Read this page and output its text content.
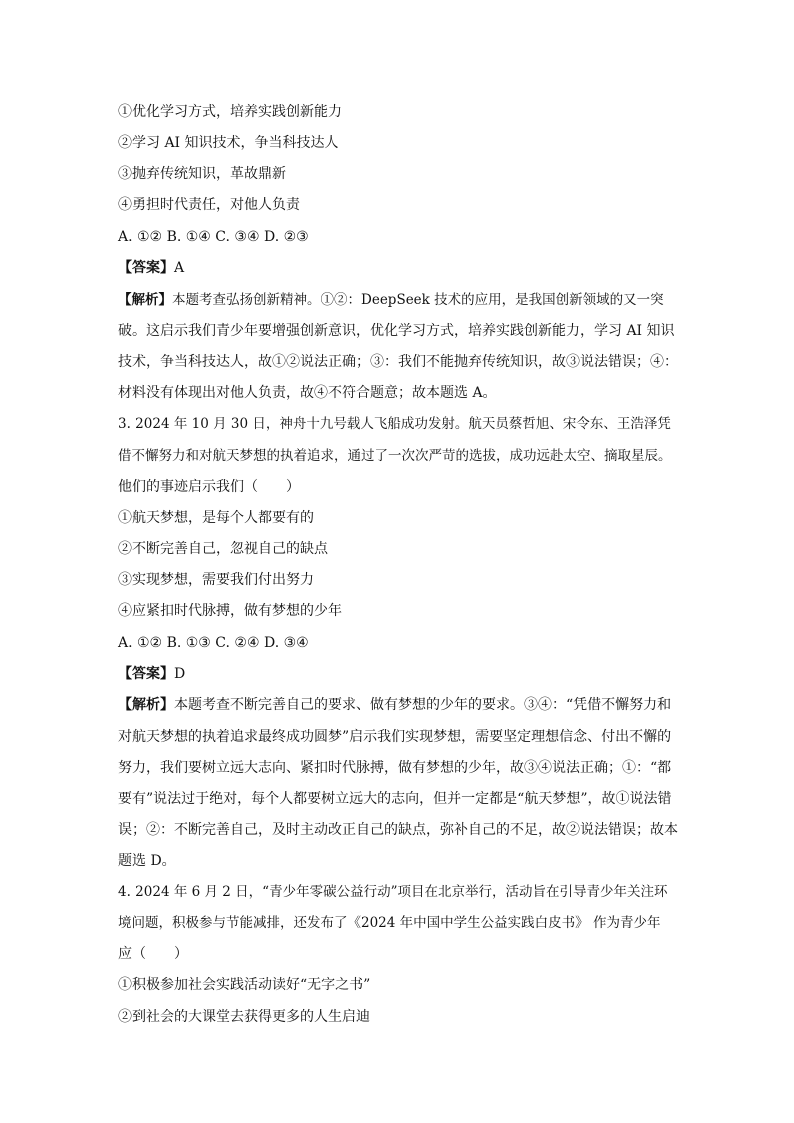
①优化学习方式，培养实践创新能力
②学习 AI 知识技术，争当科技达人
③抛弃传统知识，革故鼎新
④勇担时代责任，对他人负责
A. ①② B. ①④ C. ③④ D. ②③
【答案】A
【解析】本题考查弘扬创新精神。①②：DeepSeek 技术的应用，是我国创新领域的又一突
破。这启示我们青少年要增强创新意识，优化学习方式，培养实践创新能力，学习 AI 知识
技术，争当科技达人，故①②说法正确；③：我们不能抛弃传统知识，故③说法错误；④：
材料没有体现出对他人负责，故④不符合题意；故本题选 A。
3. 2024 年 10 月 30 日，神舟十九号载人飞船成功发射。航天员蔡哲旭、宋令东、王浩泽凭
借不懈努力和对航天梦想的执着追求，通过了一次次严苛的选拔，成功远赴太空、摘取星辰。
他们的事迹启示我们（　　）
①航天梦想，是每个人都要有的
②不断完善自己，忽视自己的缺点
③实现梦想，需要我们付出努力
④应紧扣时代脉搏，做有梦想的少年
A. ①② B. ①③ C. ②④ D. ③④
【答案】D
【解析】本题考查不断完善自己的要求、做有梦想的少年的要求。③④：“凭借不懈努力和
对航天梦想的执着追求最终成功圆梦”启示我们实现梦想，需要坚定理想信念、付出不懈的
努力，我们要树立远大志向、紧扣时代脉搏，做有梦想的少年，故③④说法正确；①：“都
要有”说法过于绝对，每个人都要树立远大的志向，但并一定都是“航天梦想”，故①说法错
误；②：不断完善自己，及时主动改正自己的缺点，弥补自己的不足，故②说法错误；故本
题选 D。
4. 2024 年 6 月 2 日，“青少年零碳公益行动”项目在北京举行，活动旨在引导青少年关注环
境问题，积极参与节能减排，还发布了《2024 年中国中学生公益实践白皮书》 作为青少年
应（　　）
①积极参加社会实践活动读好“无字之书”
②到社会的大课堂去获得更多的人生启迪
